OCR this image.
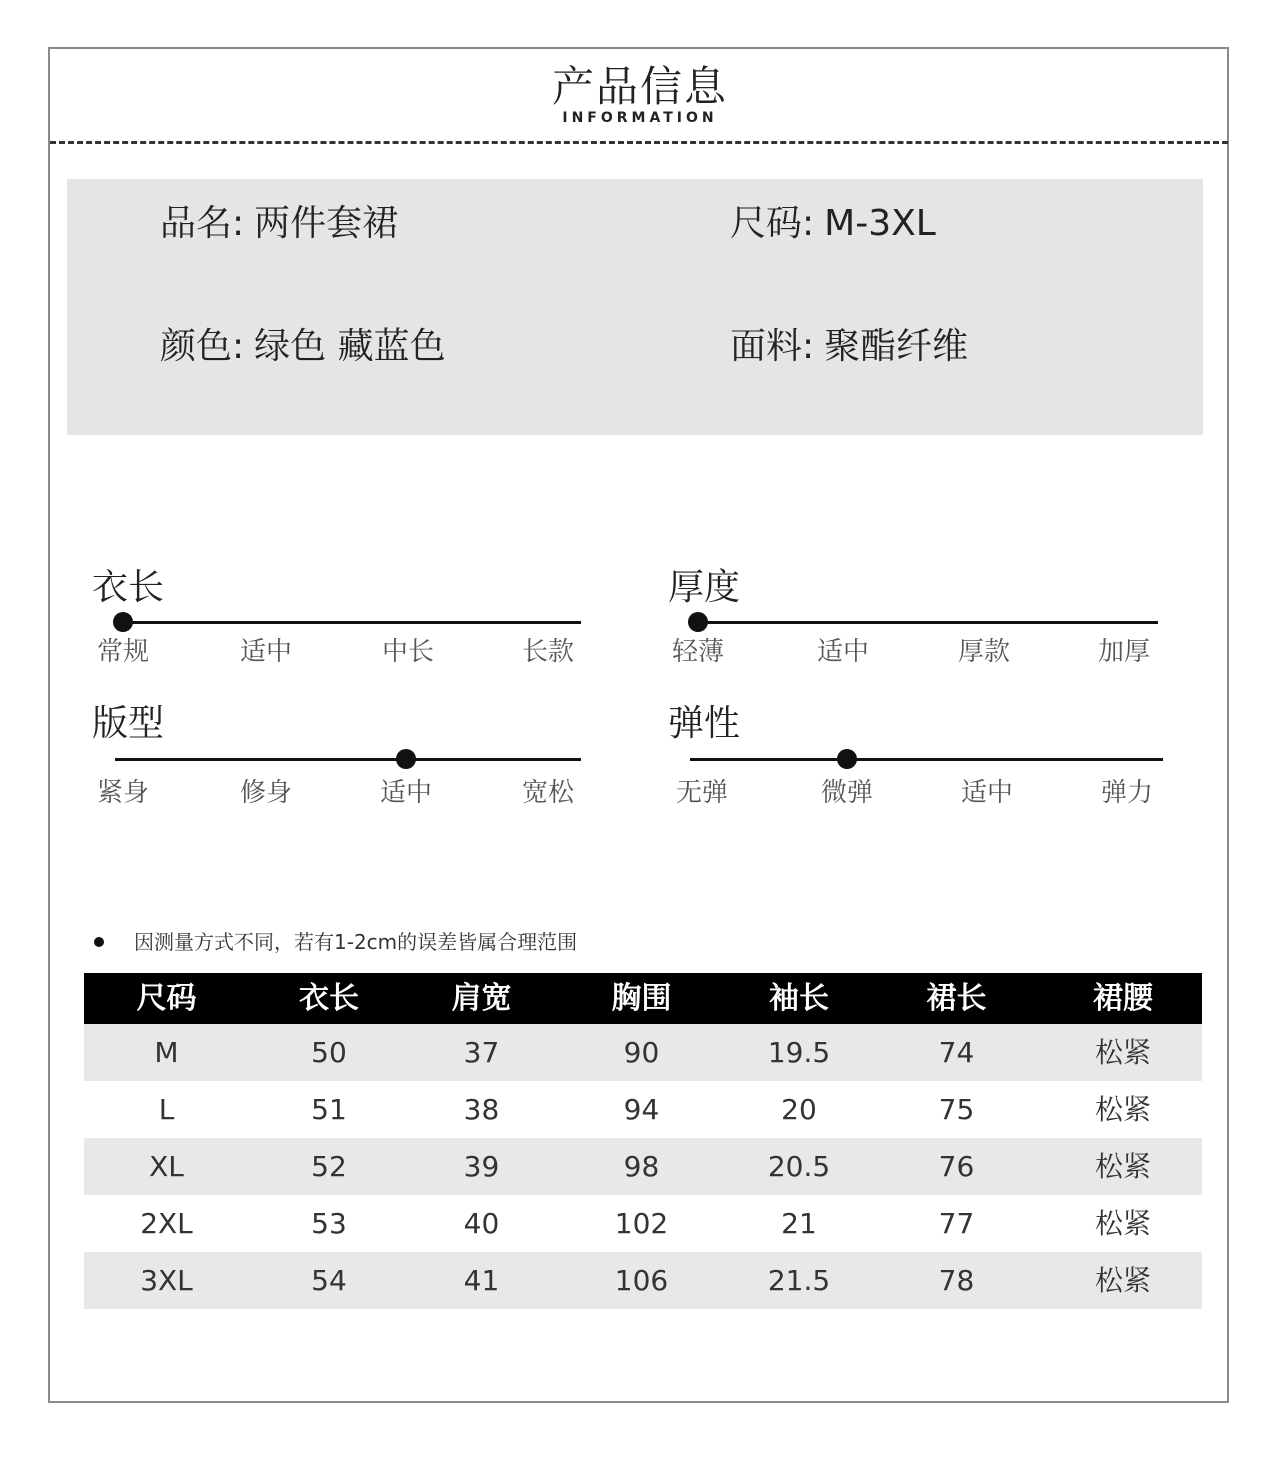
产品信息
INFORMATION
品名: 两件套裙	尺码: M-3XL
颜色: 绿色 藏蓝色	面料: 聚酯纤维
衣长
常规	适中	中长	长款
厚度
轻薄	适中	厚款	加厚
版型
紧身	修身	适中	宽松
弹性
无弹	微弹	适中	弹力
因测量方式不同，若有1-2cm的误差皆属合理范围
尺码	衣长	肩宽	胸围	袖长	裙长	裙腰
M	50	37	90	19.5	74	松紧
L	51	38	94	20	75	松紧
XL	52	39	98	20.5	76	松紧
2XL	53	40	102	21	77	松紧
3XL	54	41	106	21.5	78	松紧
